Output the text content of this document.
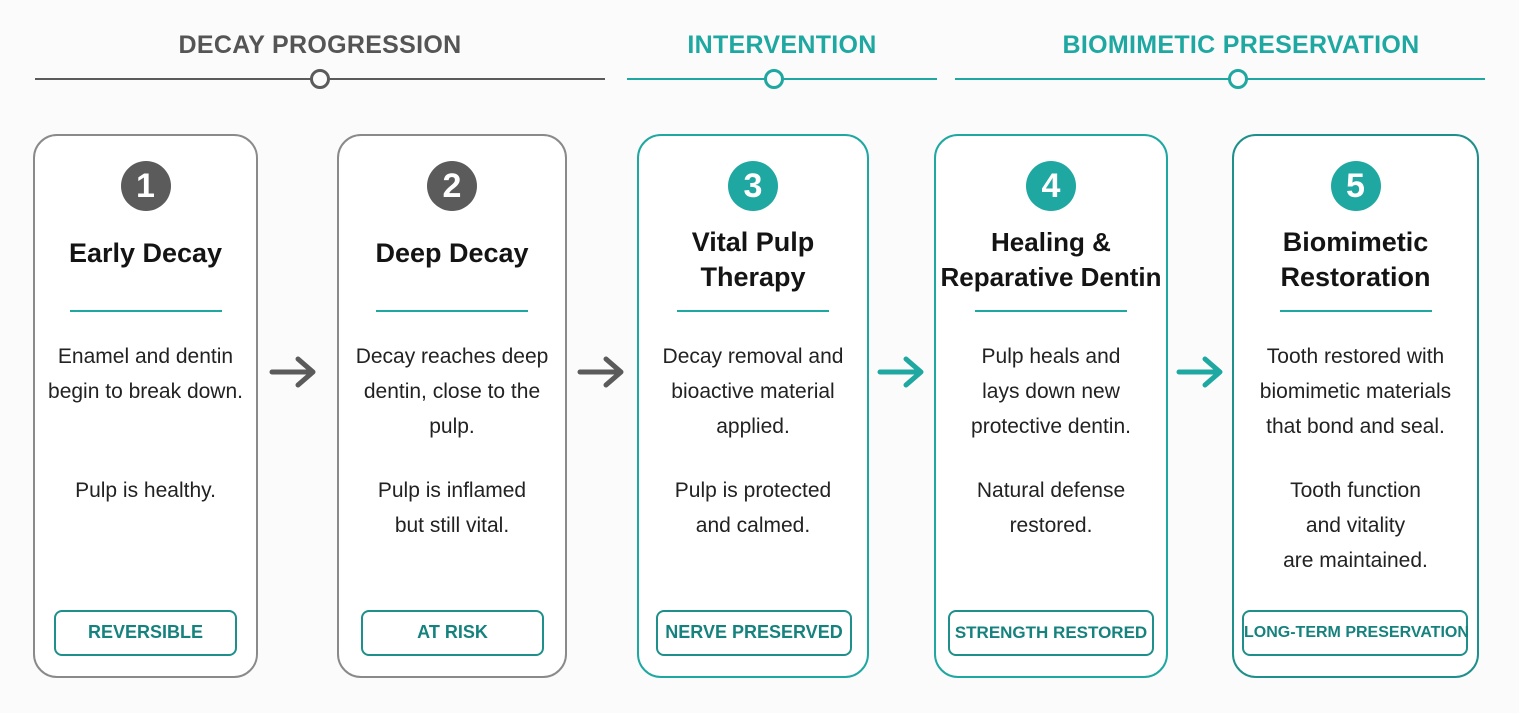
DECAY PROGRESSION	INTERVENTION	BIOMIMETIC PRESERVATION
1
Early Decay
Enamel and dentin
begin to break down.
Pulp is healthy.
REVERSIBLE
2
Deep Decay
Decay reaches deep
dentin, close to the
pulp.
Pulp is inflamed
but still vital.
AT RISK
3
Vital Pulp
Therapy
Decay removal and
bioactive material
applied.
Pulp is protected
and calmed.
NERVE PRESERVED
4
Healing &
Reparative Dentin
Pulp heals and
lays down new
protective dentin.
Natural defense
restored.
STRENGTH RESTORED
5
Biomimetic
Restoration
Tooth restored with
biomimetic materials
that bond and seal.
Tooth function
and vitality
are maintained.
LONG-TERM PRESERVATION
